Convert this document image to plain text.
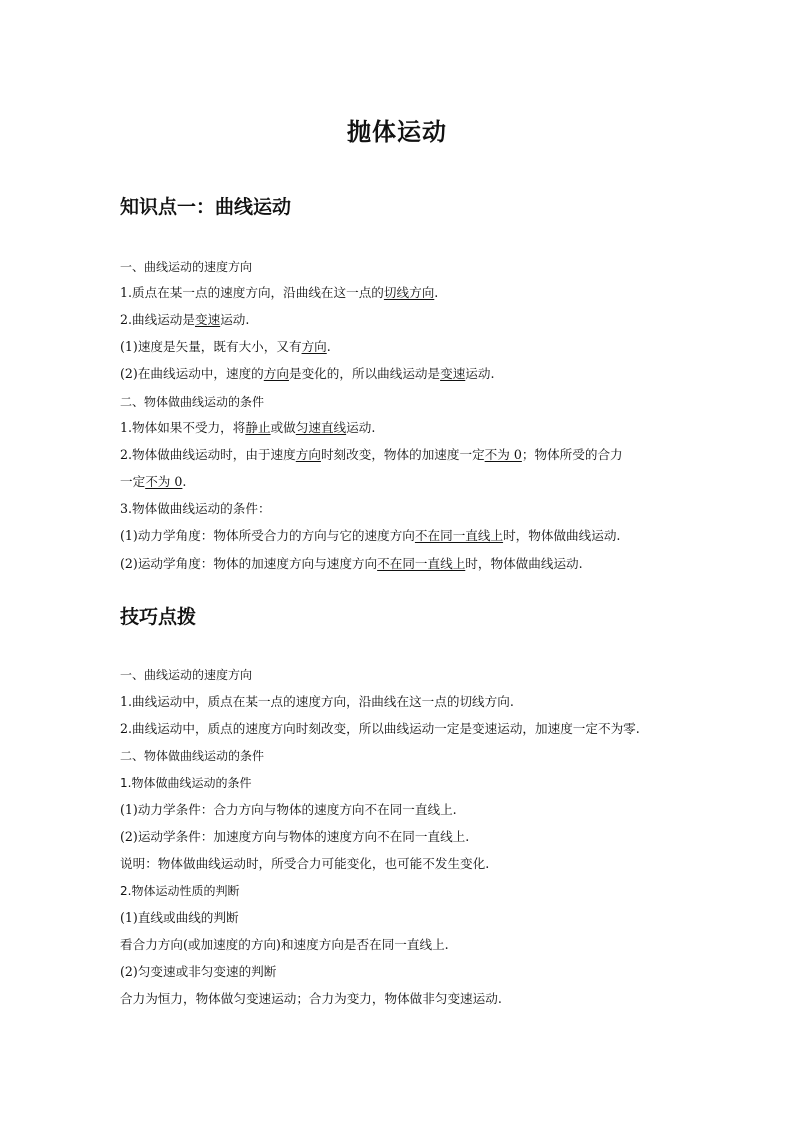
抛体运动
知识点一：曲线运动
一、曲线运动的速度方向
1.质点在某一点的速度方向，沿曲线在这一点的切线方向.
2.曲线运动是变速运动.
(1)速度是矢量，既有大小，又有方向.
(2)在曲线运动中，速度的方向是变化的，所以曲线运动是变速运动.
二、物体做曲线运动的条件
1.物体如果不受力，将静止或做匀速直线运动.
2.物体做曲线运动时，由于速度方向时刻改变，物体的加速度一定不为 0；物体所受的合力
一定不为 0.
3.物体做曲线运动的条件：
(1)动力学角度：物体所受合力的方向与它的速度方向不在同一直线上时，物体做曲线运动.
(2)运动学角度：物体的加速度方向与速度方向不在同一直线上时，物体做曲线运动.
技巧点拨
一、曲线运动的速度方向
1.曲线运动中，质点在某一点的速度方向，沿曲线在这一点的切线方向.
2.曲线运动中，质点的速度方向时刻改变，所以曲线运动一定是变速运动，加速度一定不为零.
二、物体做曲线运动的条件
1.物体做曲线运动的条件
(1)动力学条件：合力方向与物体的速度方向不在同一直线上.
(2)运动学条件：加速度方向与物体的速度方向不在同一直线上.
说明：物体做曲线运动时，所受合力可能变化，也可能不发生变化.
2.物体运动性质的判断
(1)直线或曲线的判断
看合力方向(或加速度的方向)和速度方向是否在同一直线上.
(2)匀变速或非匀变速的判断
合力为恒力，物体做匀变速运动；合力为变力，物体做非匀变速运动.
